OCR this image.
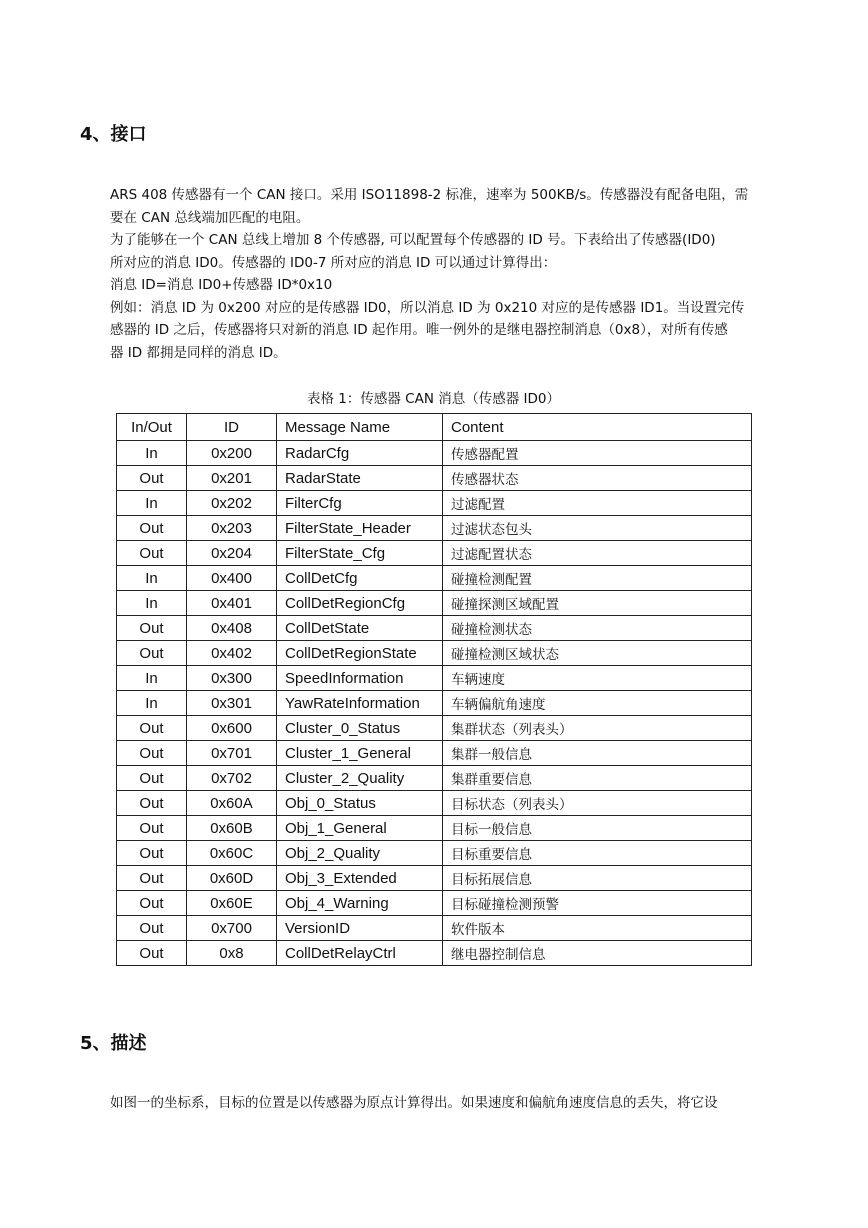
4、接口
ARS 408 传感器有一个 CAN 接口。采用 ISO11898-2 标准，速率为 500KB/s。传感器没有配备电阻，需
要在 CAN 总线端加匹配的电阻。
为了能够在一个 CAN 总线上增加 8 个传感器, 可以配置每个传感器的 ID 号。下表给出了传感器(ID0)
所对应的消息 ID0。传感器的 ID0-7 所对应的消息 ID 可以通过计算得出：
消息 ID=消息 ID0+传感器 ID*0x10
例如：消息 ID 为 0x200 对应的是传感器 ID0，所以消息 ID 为 0x210 对应的是传感器 ID1。当设置完传
感器的 ID 之后，传感器将只对新的消息 ID 起作用。唯一例外的是继电器控制消息（0x8），对所有传感
器 ID 都拥是同样的消息 ID。
表格 1：传感器 CAN 消息（传感器 ID0）
In/Out	ID	Message Name	Content
In	0x200	RadarCfg	传感器配置
Out	0x201	RadarState	传感器状态
In	0x202	FilterCfg	过滤配置
Out	0x203	FilterState_Header	过滤状态包头
Out	0x204	FilterState_Cfg	过滤配置状态
In	0x400	CollDetCfg	碰撞检测配置
In	0x401	CollDetRegionCfg	碰撞探测区域配置
Out	0x408	CollDetState	碰撞检测状态
Out	0x402	CollDetRegionState	碰撞检测区域状态
In	0x300	SpeedInformation	车辆速度
In	0x301	YawRateInformation	车辆偏航角速度
Out	0x600	Cluster_0_Status	集群状态（列表头）
Out	0x701	Cluster_1_General	集群一般信息
Out	0x702	Cluster_2_Quality	集群重要信息
Out	0x60A	Obj_0_Status	目标状态（列表头）
Out	0x60B	Obj_1_General	目标一般信息
Out	0x60C	Obj_2_Quality	目标重要信息
Out	0x60D	Obj_3_Extended	目标拓展信息
Out	0x60E	Obj_4_Warning	目标碰撞检测预警
Out	0x700	VersionID	软件版本
Out	0x8	CollDetRelayCtrl	继电器控制信息
5、描述
如图一的坐标系，目标的位置是以传感器为原点计算得出。如果速度和偏航角速度信息的丢失，将它设
